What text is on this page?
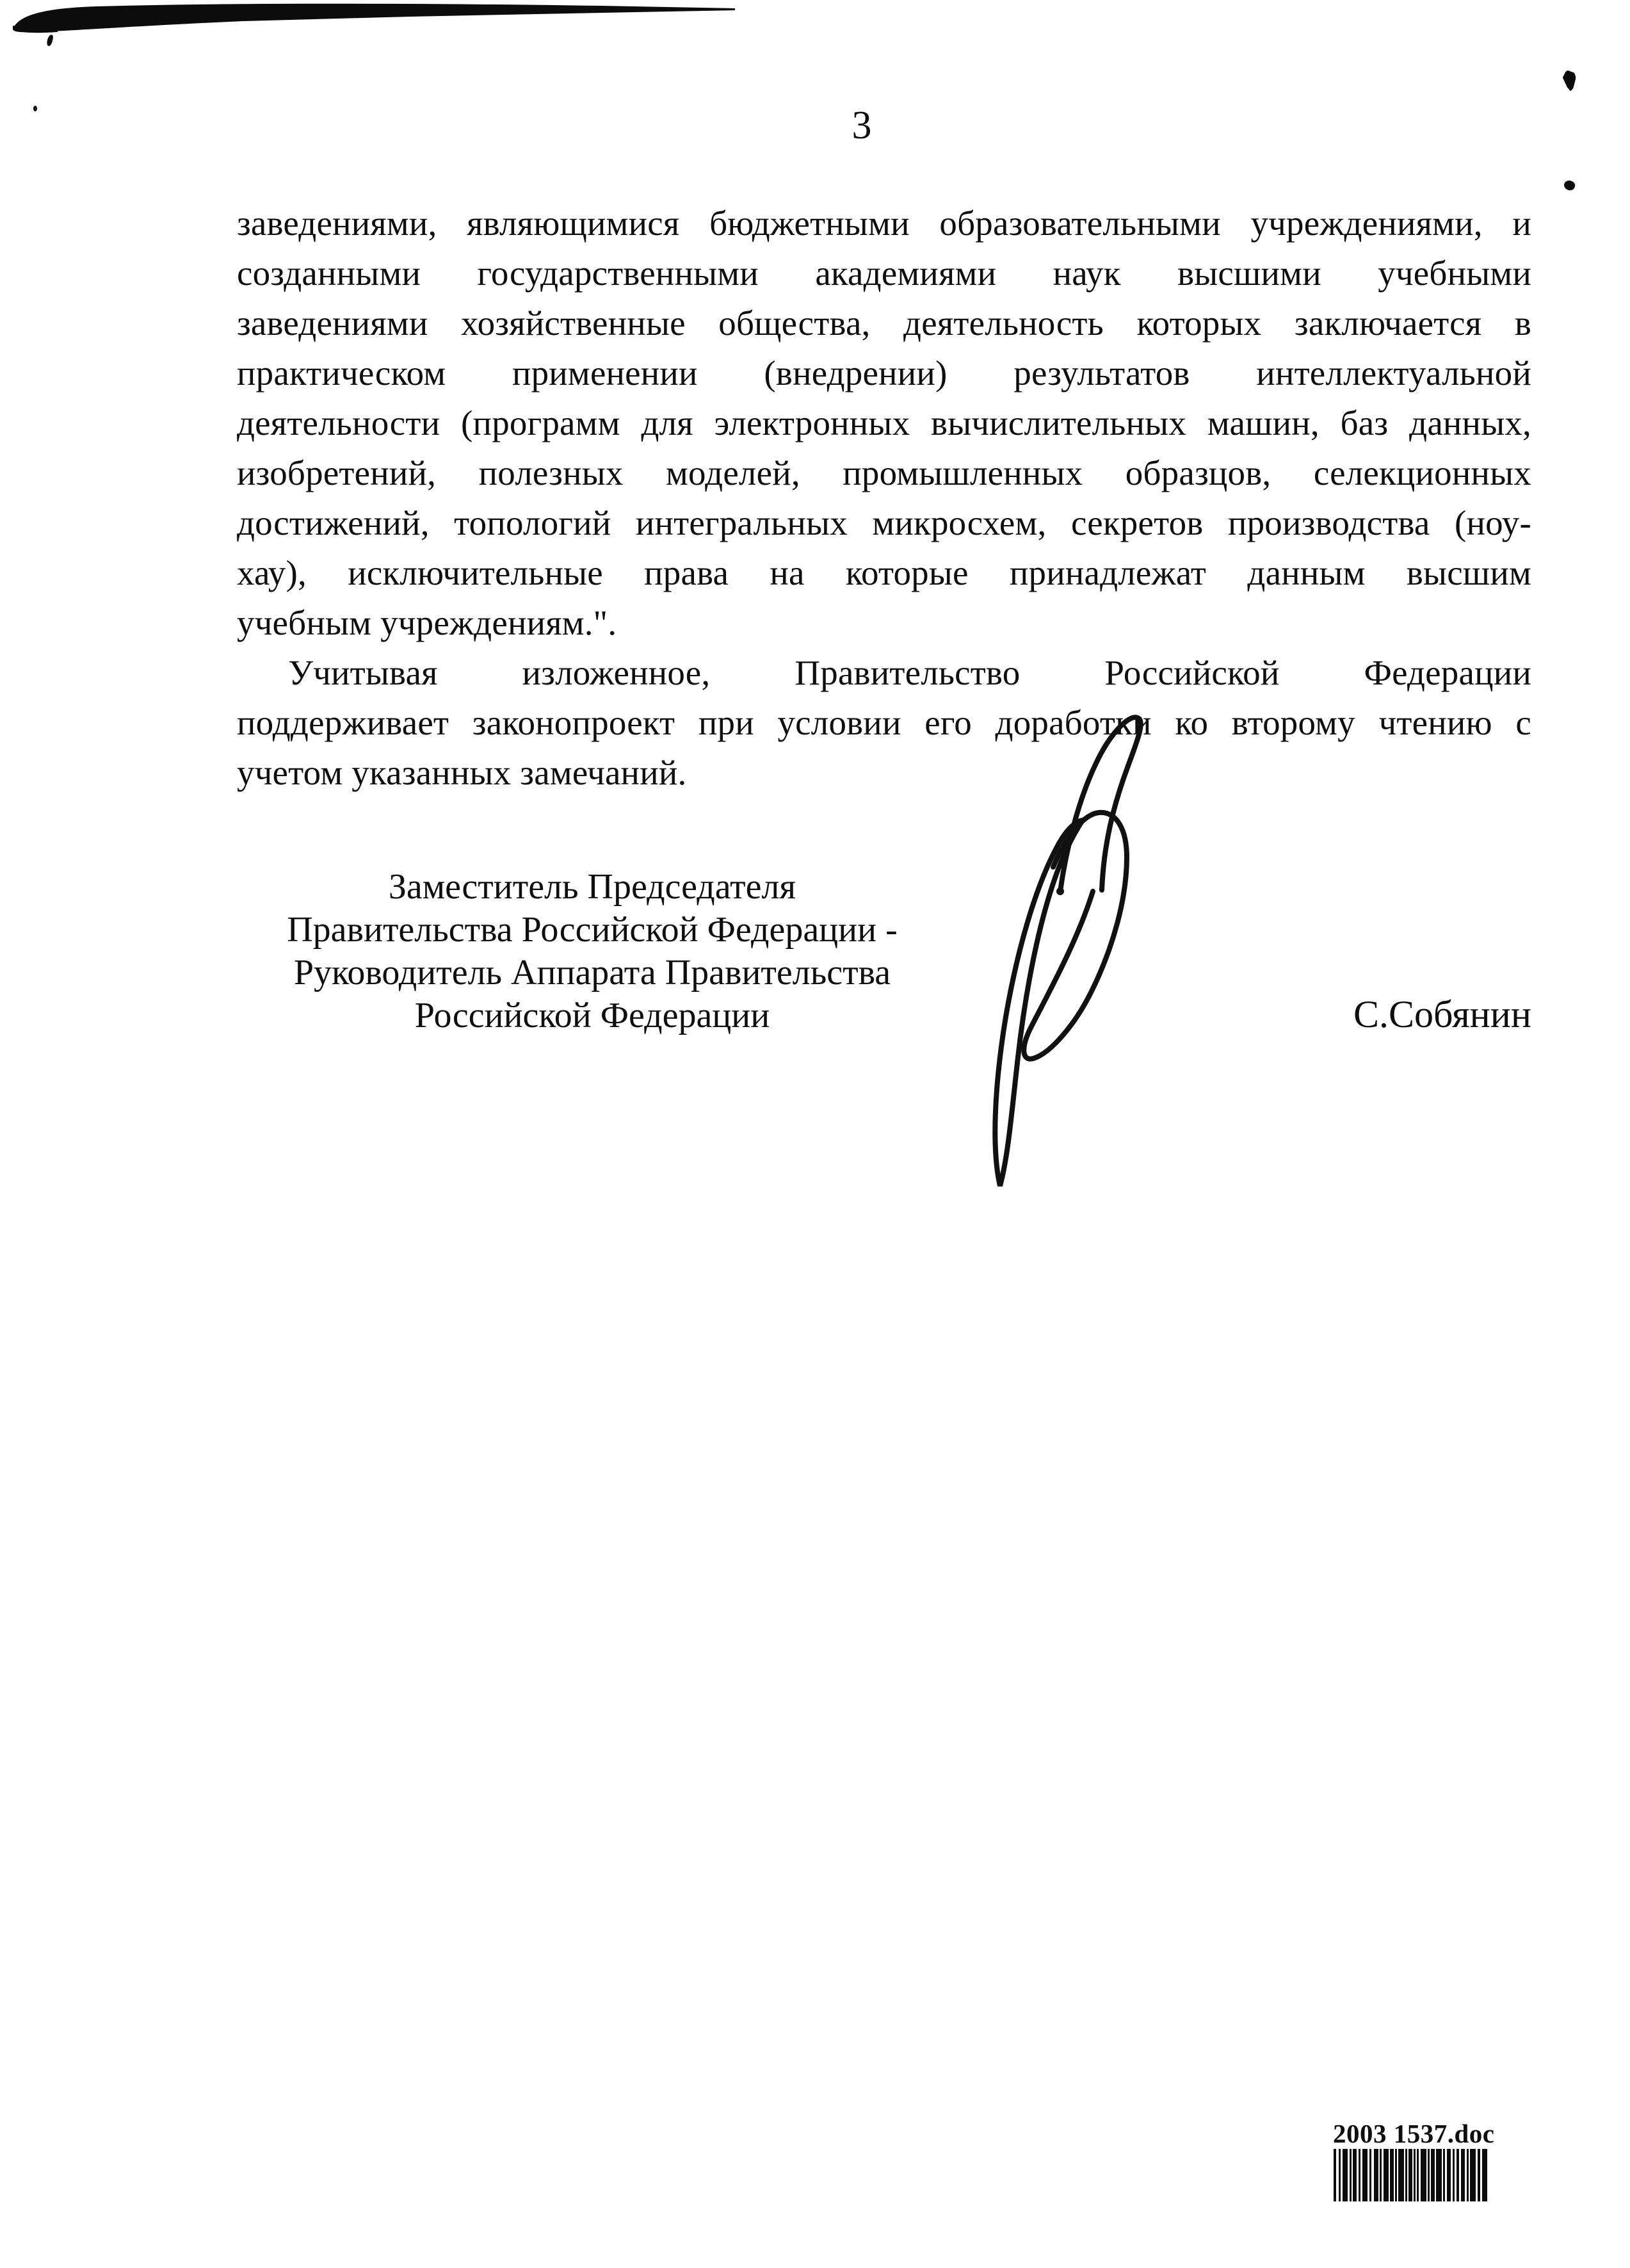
3
заведениями, являющимися бюджетными образовательными учреждениями, и
созданными государственными академиями наук высшими учебными
заведениями хозяйственные общества, деятельность которых заключается в
практическом применении (внедрении) результатов интеллектуальной
деятельности (программ для электронных вычислительных машин, баз данных,
изобретений, полезных моделей, промышленных образцов, селекционных
достижений, топологий интегральных микросхем, секретов производства (ноу-
хау), исключительные права на которые принадлежат данным высшим
учебным учреждениям.".
Учитывая изложенное, Правительство Российской Федерации
поддерживает законопроект при условии его доработки ко второму чтению с
учетом указанных замечаний.
Заместитель Председателя
Правительства Российской Федерации -
Руководитель Аппарата Правительства
Российской Федерации	С.Собянин
2003 1537.doc
